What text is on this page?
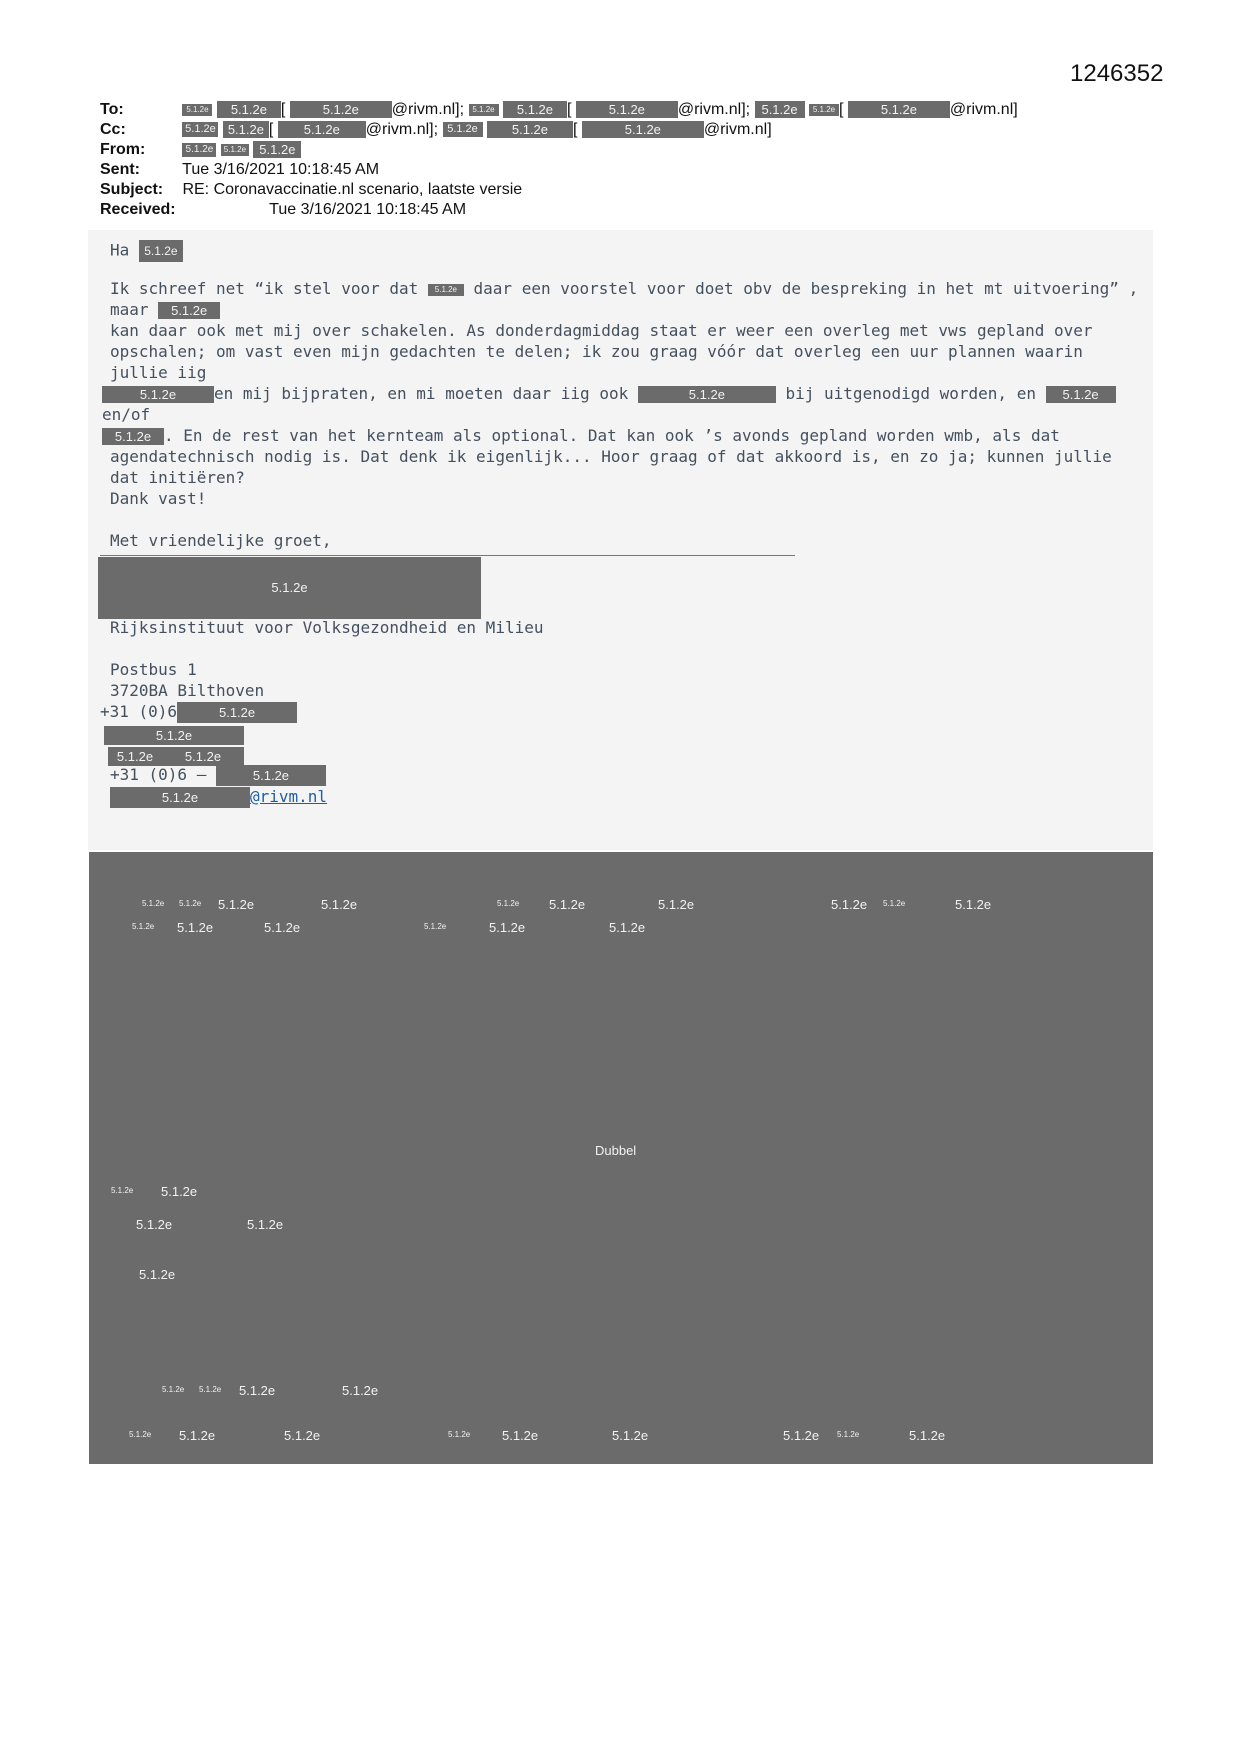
1246352
To:	5.1.2e 5.1.2e [	5.1.2e @rivm.nl]; 5.1.2e 5.1.2e [	5.1.2e @rivm.nl]; 5.1.2e 5.1.2e [	5.1.2e @rivm.nl]
Cc:	5.1.2e 5.1.2e [ 5.1.2e @rivm.nl]; 5.1.2e	5.1.2e [	5.1.2e	@rivm.nl]
From:	5.1.2e 5.1.2e 5.1.2e
Sent:	Tue 3/16/2021 10:18:45 AM
Subject: RE: Coronavaccinatie.nl scenario, laatste versie
Received:	Tue 3/16/2021 10:18:45 AM
Ha 5.1.2e
Ik schreef net “ik stel voor dat 5.1.2e daar een voorstel voor doet obv de bespreking in het mt uitvoering” , maar 5.1.2e
kan daar ook met mij over schakelen. As donderdagmiddag staat er weer een overleg met vws gepland over
opschalen; om vast even mijn gedachten te delen; ik zou graag vóór dat overleg een uur plannen waarin jullie iig
5.1.2e en mij bijpraten, en mi moeten daar iig ook	5.1.2e	bij uitgenodigd worden, en 5.1.2een/of
5.1.2e . En de rest van het kernteam als optional. Dat kan ook ’s avonds gepland worden wmb, als dat
agendatechnisch nodig is. Dat denk ik eigenlijk... Hoor graag of dat akkoord is, en zo ja; kunnen jullie dat initiëren?
Dank vast!
Met vriendelijke groet,

5.1.2e
Rijksinstituut voor Volksgezondheid en Milieu
Postbus 1
3720BA Bilthoven
+31 (0)6	5.1.2e
5.1.2e
5.1.2e 5.1.2e
+31 (0)6 –	5.1.2e
5.1.2e	@rivm.nl
5.1.2e 5.1.2e 5.1.2e	5.1.2e	5.1.2e 5.1.2e	5.1.2e	5.1.2e 5.1.2e	5.1.2e
5.1.2e 5.1.2e	5.1.2e	5.1.2e	5.1.2e	5.1.2e
Dubbel
5.1.2e 5.1.2e
5.1.2e	5.1.2e
5.1.2e
5.1.2e 5.1.2e 5.1.2e	5.1.2e
5.1.2e 5.1.2e	5.1.2e	5.1.2e 5.1.2e	5.1.2e	5.1.2e 5.1.2e	5.1.2e
